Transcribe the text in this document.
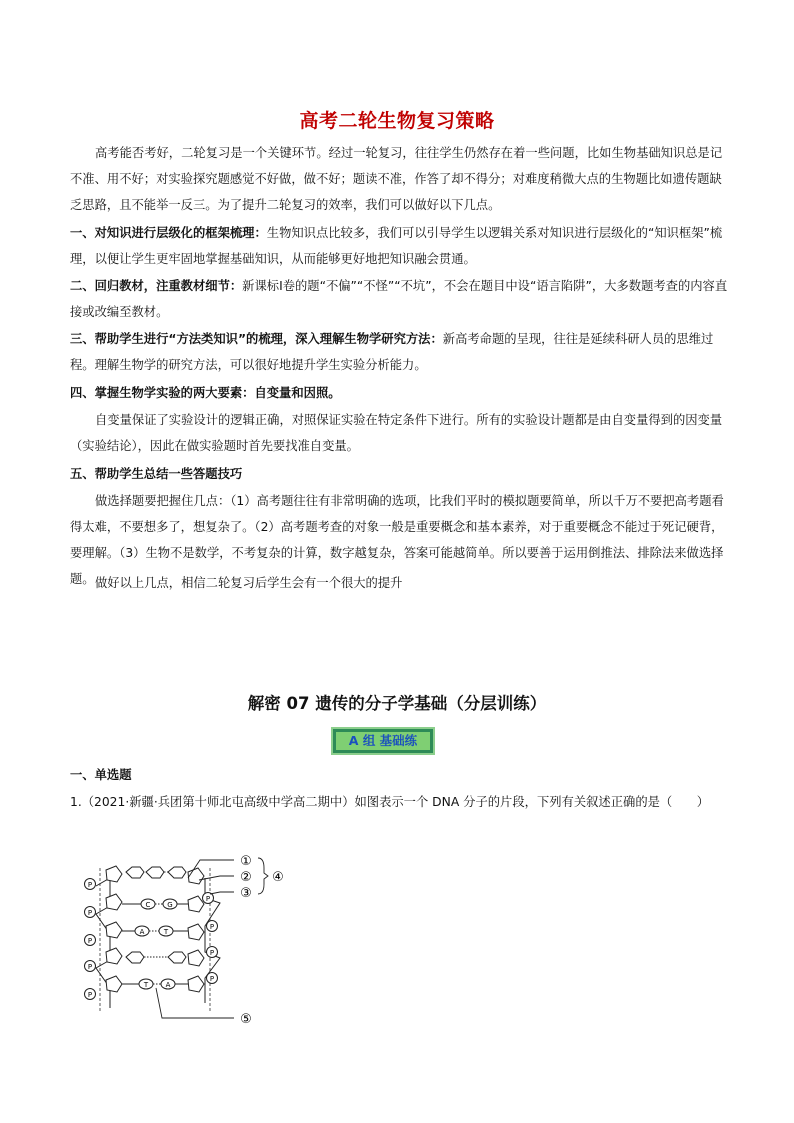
高考二轮生物复习策略
高考能否考好，二轮复习是一个关键环节。经过一轮复习，往往学生仍然存在着一些问题，比如生物基础知识总是记不准、用不好；对实验探究题感觉不好做，做不好；题读不准，作答了却不得分；对难度稍微大点的生物题比如遗传题缺乏思路，且不能举一反三。为了提升二轮复习的效率，我们可以做好以下几点。
一、对知识进行层级化的框架梳理：生物知识点比较多，我们可以引导学生以逻辑关系对知识进行层级化的“知识框架”梳理，以便让学生更牢固地掌握基础知识，从而能够更好地把知识融会贯通。
二、回归教材，注重教材细节：新课标Ⅰ卷的题“不偏”“不怪”“不坑”，不会在题目中设“语言陷阱”，大多数题考查的内容直接或改编至教材。
三、帮助学生进行“方法类知识”的梳理，深入理解生物学研究方法：新高考命题的呈现，往往是延续科研人员的思维过程。理解生物学的研究方法，可以很好地提升学生实验分析能力。
四、掌握生物学实验的两大要素：自变量和因照。
自变量保证了实验设计的逻辑正确，对照保证实验在特定条件下进行。所有的实验设计题都是由自变量得到的因变量（实验结论），因此在做实验题时首先要找准自变量。
五、帮助学生总结一些答题技巧
做选择题要把握住几点：（1）高考题往往有非常明确的选项，比我们平时的模拟题要简单，所以千万不要把高考题看得太难，不要想多了，想复杂了。（2）高考题考查的对象一般是重要概念和基本素养，对于重要概念不能过于死记硬背，要理解。（3）生物不是数学，不考复杂的计算，数字越复杂，答案可能越简单。所以要善于运用倒推法、排除法来做选择题。 做好以上几点，相信二轮复习后学生会有一个很大的提升
解密 07 遗传的分子学基础（分层训练）
A 组 基础练
一、单选题
1.（2021·新疆·兵团第十师北屯高级中学高二期中）如图表示一个 DNA 分子的片段，下列有关叙述正确的是（　　）
P
P
P
P
P
P
P
P
P
C G
A	T
T A
①
②
③
④
⑤
